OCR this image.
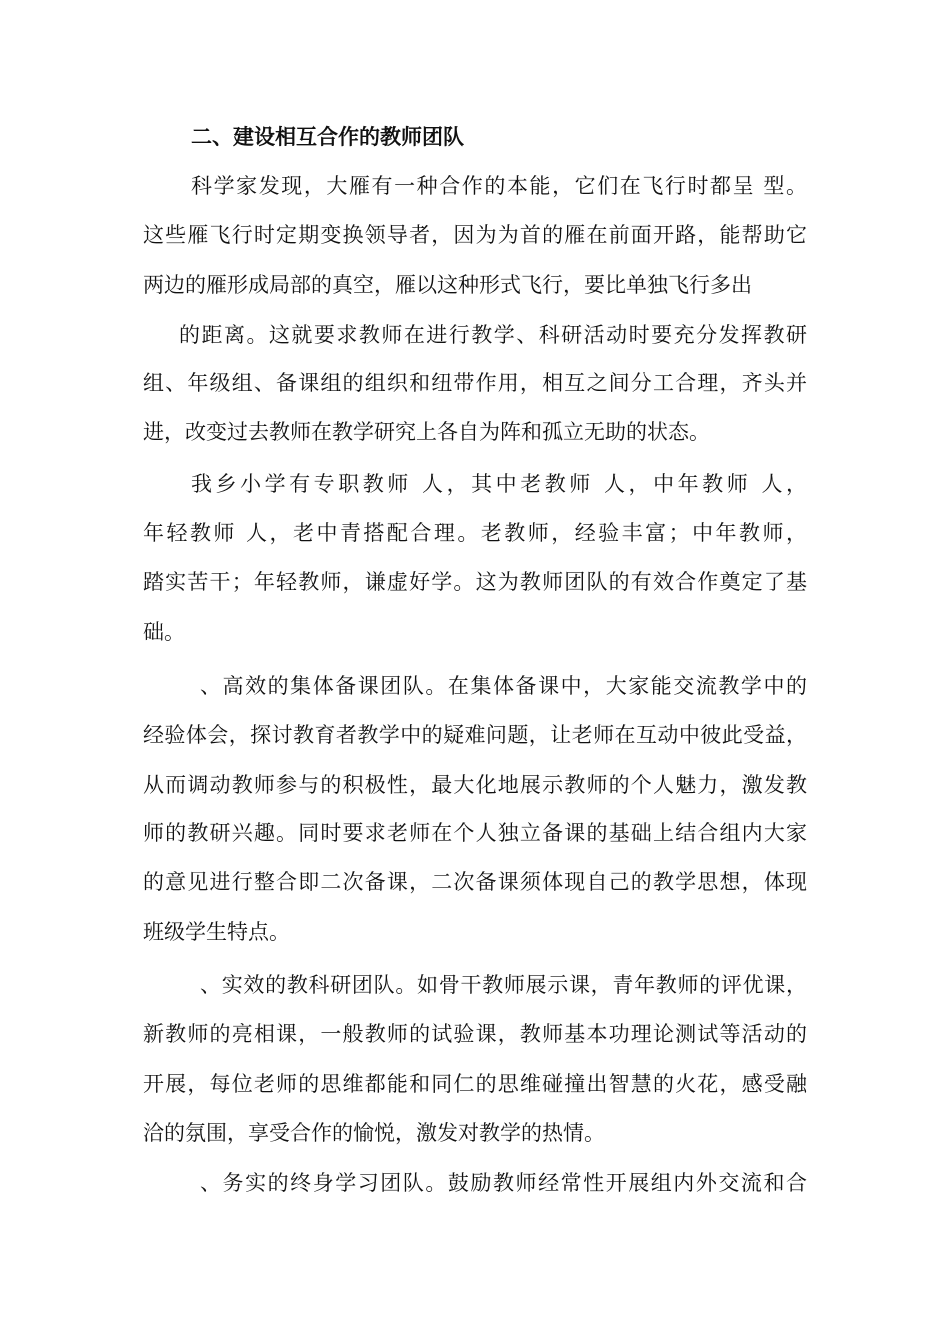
二、建设相互合作的教师团队
科学家发现，大雁有一种合作的本能，它们在飞行时都呈 型。
这些雁飞行时定期变换领导者，因为为首的雁在前面开路，能帮助它
两边的雁形成局部的真空，雁以这种形式飞行，要比单独飞行多出
的距离。这就要求教师在进行教学、科研活动时要充分发挥教研
组、年级组、备课组的组织和纽带作用，相互之间分工合理，齐头并
进，改变过去教师在教学研究上各自为阵和孤立无助的状态。
我乡小学有专职教师 人，其中老教师 人，中年教师 人，
年轻教师 人，老中青搭配合理。老教师，经验丰富；中年教师，
踏实苦干；年轻教师，谦虚好学。这为教师团队的有效合作奠定了基
础。
、高效的集体备课团队。在集体备课中，大家能交流教学中的
经验体会，探讨教育者教学中的疑难问题，让老师在互动中彼此受益，
从而调动教师参与的积极性，最大化地展示教师的个人魅力，激发教
师的教研兴趣。同时要求老师在个人独立备课的基础上结合组内大家
的意见进行整合即二次备课，二次备课须体现自己的教学思想，体现
班级学生特点。
、实效的教科研团队。如骨干教师展示课，青年教师的评优课，
新教师的亮相课，一般教师的试验课，教师基本功理论测试等活动的
开展，每位老师的思维都能和同仁的思维碰撞出智慧的火花，感受融
洽的氛围，享受合作的愉悦，激发对教学的热情。
、务实的终身学习团队。鼓励教师经常性开展组内外交流和合
